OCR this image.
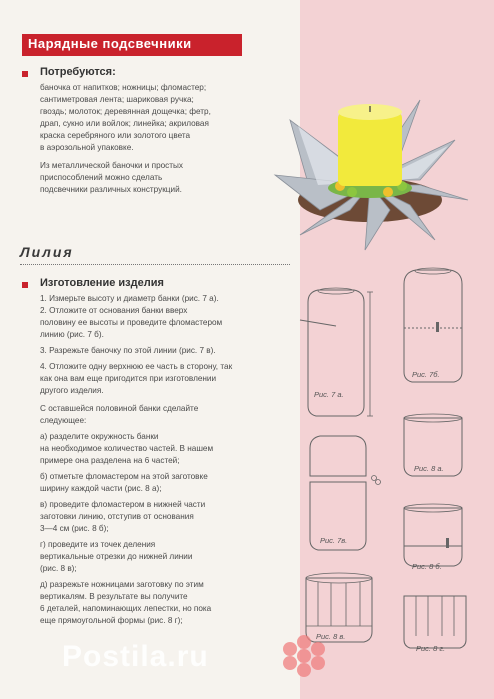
Нарядные подсвечники
Потребуются:
баночка от напитков; ножницы; фломастер;
сантиметровая лента; шариковая ручка;
гвоздь; молоток; деревянная дощечка; фетр,
драп, сукно или войлок; линейка; акриловая
краска серебряного или золотого цвета
в аэрозольной упаковке.
Из металлической баночки и простых
приспособлений можно сделать
подсвечники различных конструкций.
Лилия
Изготовление изделия
1. Измерьте высоту и диаметр банки (рис. 7 а).
2. Отложите от основания банки вверх
половину ее высоты и проведите фломастером
линию (рис. 7 б).
3. Разрежьте баночку по этой линии (рис. 7 в).
4. Отложите одну верхнюю ее часть в сторону, так
как она вам еще пригодится при изготовлении
другого изделия.
С оставшейся половиной банки сделайте
следующее:
а) разделите окружность банки
на необходимое количество частей. В нашем
примере она разделена на 6 частей;
б) отметьте фломастером на этой заготовке
ширину каждой части (рис. 8 а);
в) проведите фломастером в нижней части
заготовки линию, отступив от основания
3—4 см (рис. 8 б);
г) проведите из точек деления
вертикальные отрезки до нижней линии
(рис. 8 в);
д) разрежьте ножницами заготовку по этим
вертикалям. В результате вы получите
6 деталей, напоминающих лепестки, но пока
еще прямоугольной формы (рис. 8 г);
Рис. 7 а.
Рис. 7б.
Рис. 8 а.
Рис. 7в.
Рис. 8 б.
Рис. 8 в.
Postila.ru	Рис. 8 г.
